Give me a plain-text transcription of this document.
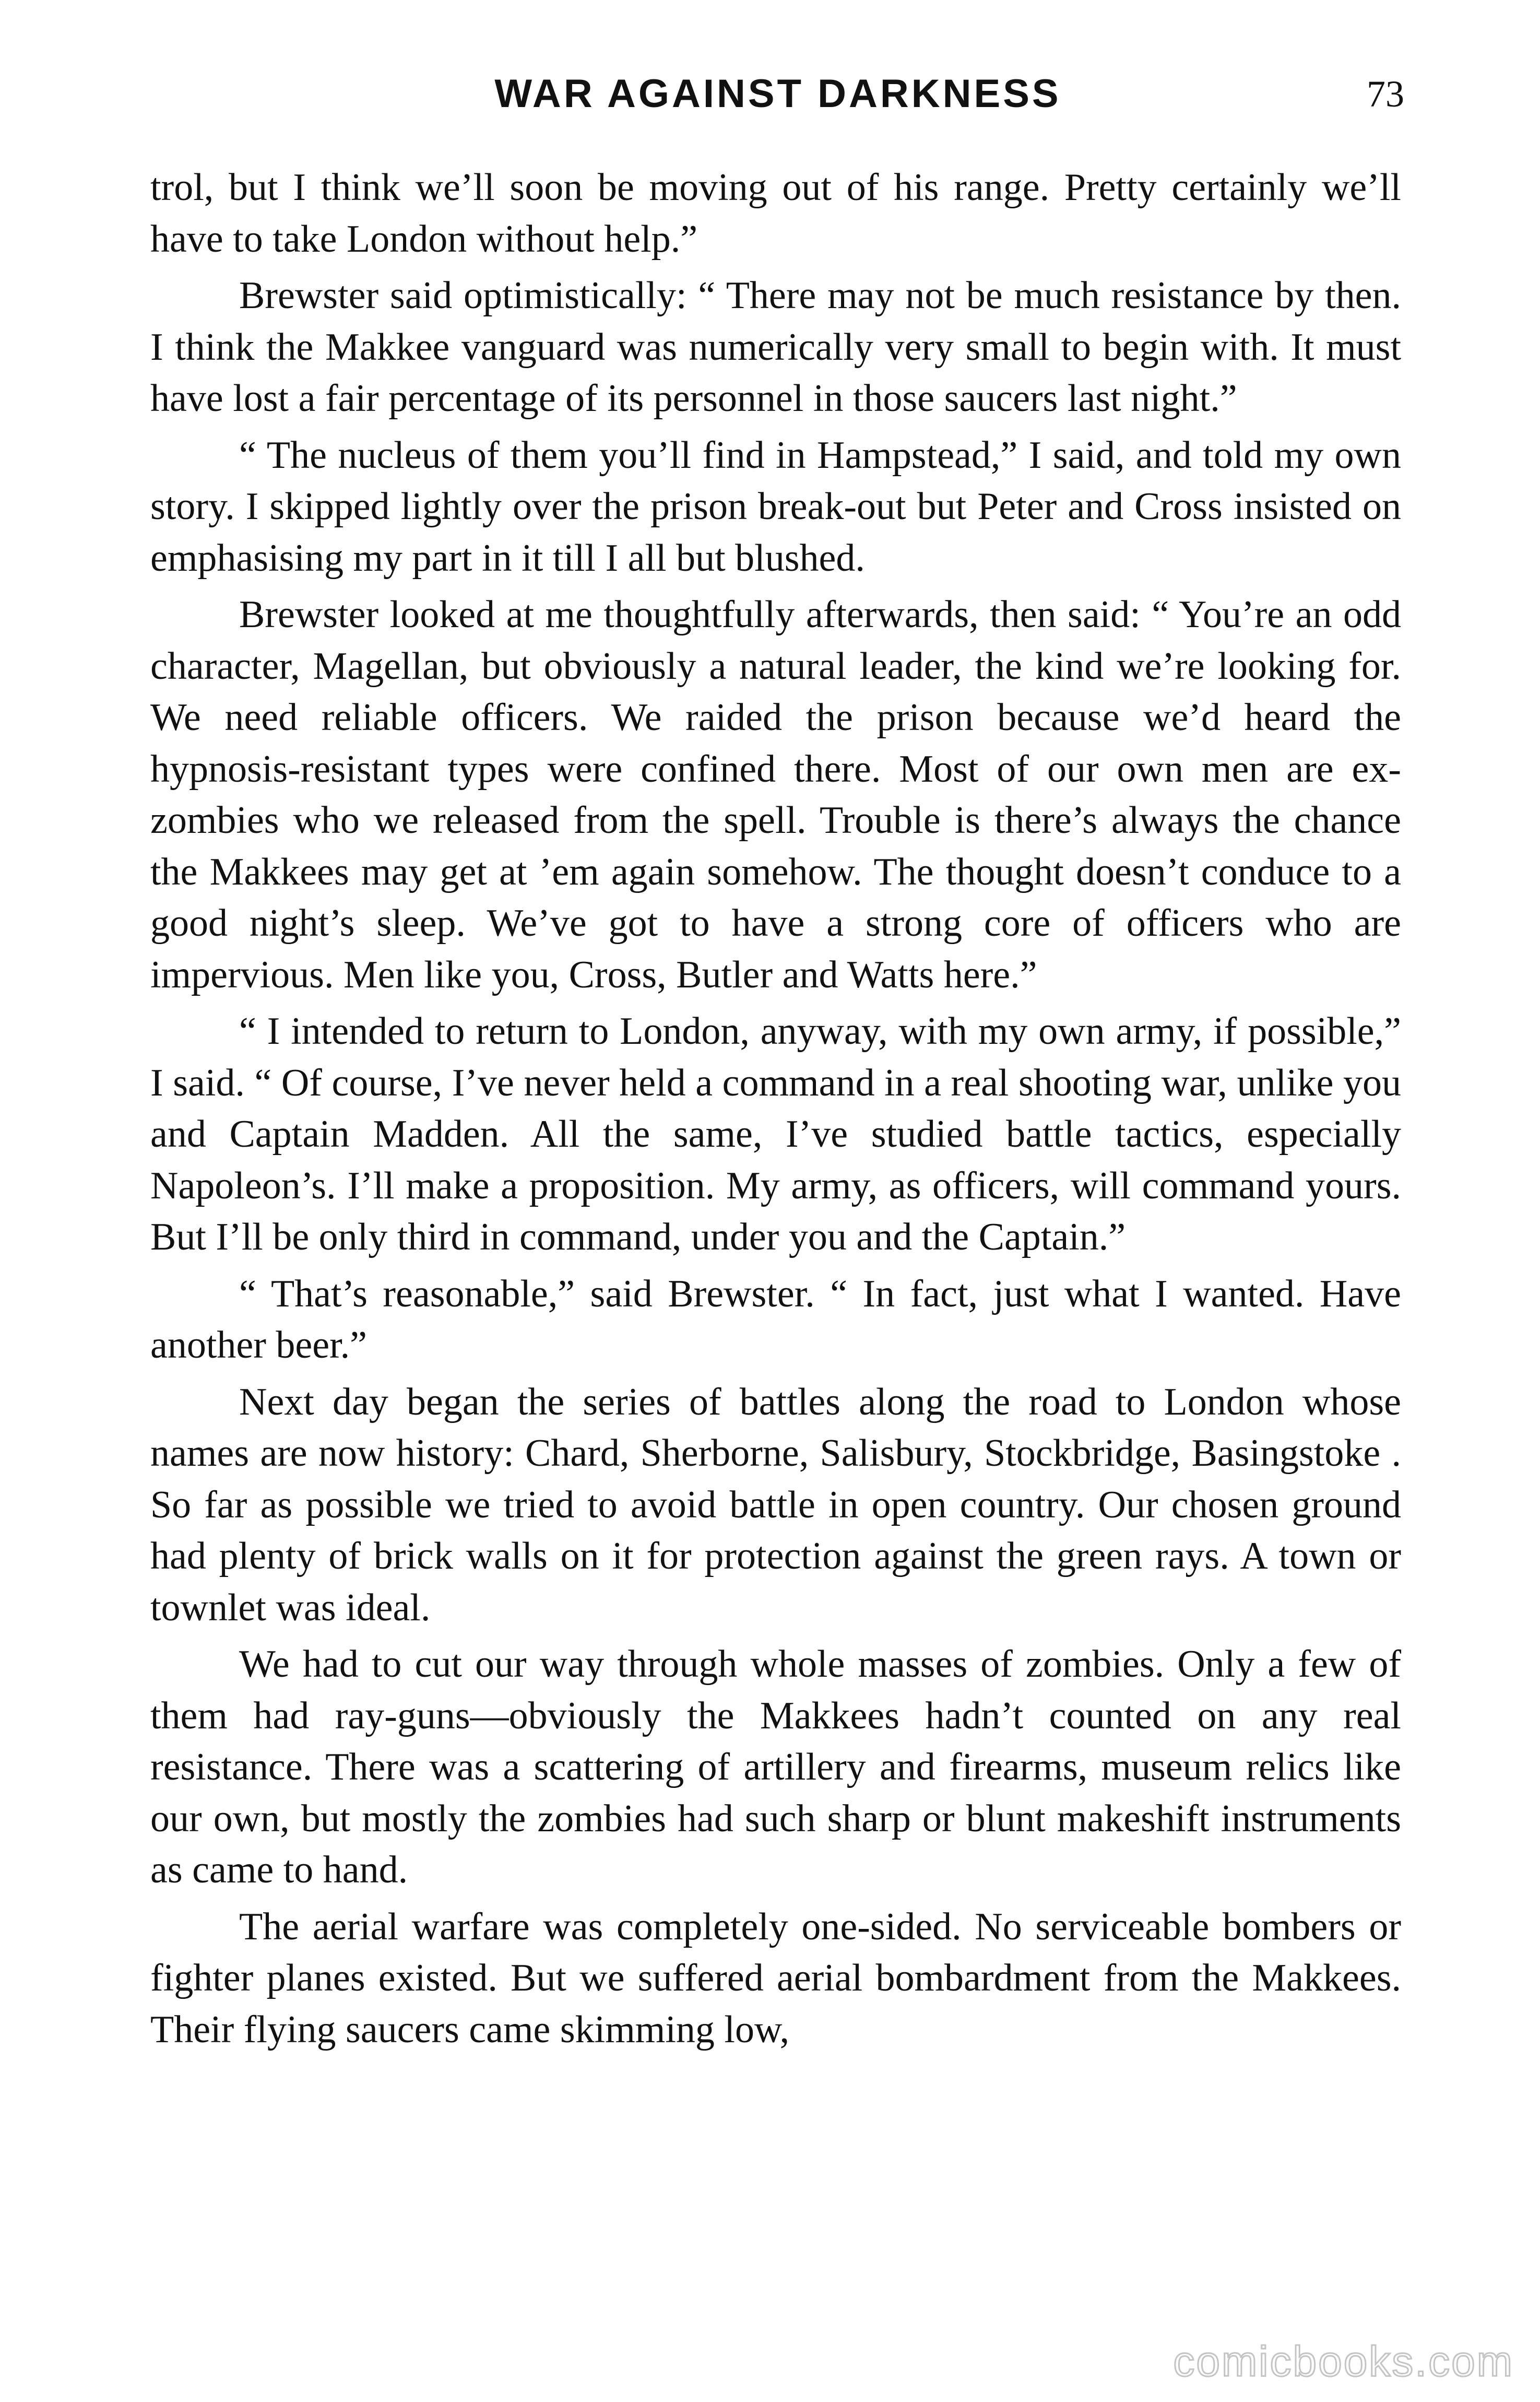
WAR AGAINST DARKNESS	73

trol, but I think we’ll soon be moving out of his range. Pretty certainly we’ll have to take London without help.”

Brewster said optimistically: “ There may not be much resistance by then. I think the Makkee vanguard was numerically very small to begin with. It must have lost a fair percentage of its personnel in those saucers last night.”

“ The nucleus of them you’ll find in Hampstead,” I said, and told my own story. I skipped lightly over the prison break-out but Peter and Cross insisted on emphasising my part in it till I all but blushed.

Brewster looked at me thoughtfully afterwards, then said: “ You’re an odd character, Magellan, but obviously a natural leader, the kind we’re looking for. We need reliable officers. We raided the prison because we’d heard the hypnosis-resistant types were confined there. Most of our own men are ex-zombies who we released from the spell. Trouble is there’s always the chance the Makkees may get at ’em again somehow. The thought doesn’t conduce to a good night’s sleep. We’ve got to have a strong core of officers who are impervious. Men like you, Cross, Butler and Watts here.”

“ I intended to return to London, anyway, with my own army, if possible,” I said. “ Of course, I’ve never held a command in a real shooting war, unlike you and Captain Madden. All the same, I’ve studied battle tactics, especially Napoleon’s. I’ll make a proposition. My army, as officers, will command yours. But I’ll be only third in command, under you and the Captain.”

“ That’s reasonable,” said Brewster. “ In fact, just what I wanted. Have another beer.”

Next day began the series of battles along the road to London whose names are now history: Chard, Sherborne, Salisbury, Stockbridge, Basingstoke . So far as possible we tried to avoid battle in open country. Our chosen ground had plenty of brick walls on it for protection against the green rays. A town or townlet was ideal.

We had to cut our way through whole masses of zombies. Only a few of them had ray-guns—obviously the Makkees hadn’t counted on any real resistance. There was a scattering of artillery and firearms, museum relics like our own, but mostly the zombies had such sharp or blunt makeshift instruments as came to hand.

The aerial warfare was completely one-sided. No serviceable bombers or fighter planes existed. But we suffered aerial bombardment from the Makkees. Their flying saucers came skimming low,

comicbooks.com
